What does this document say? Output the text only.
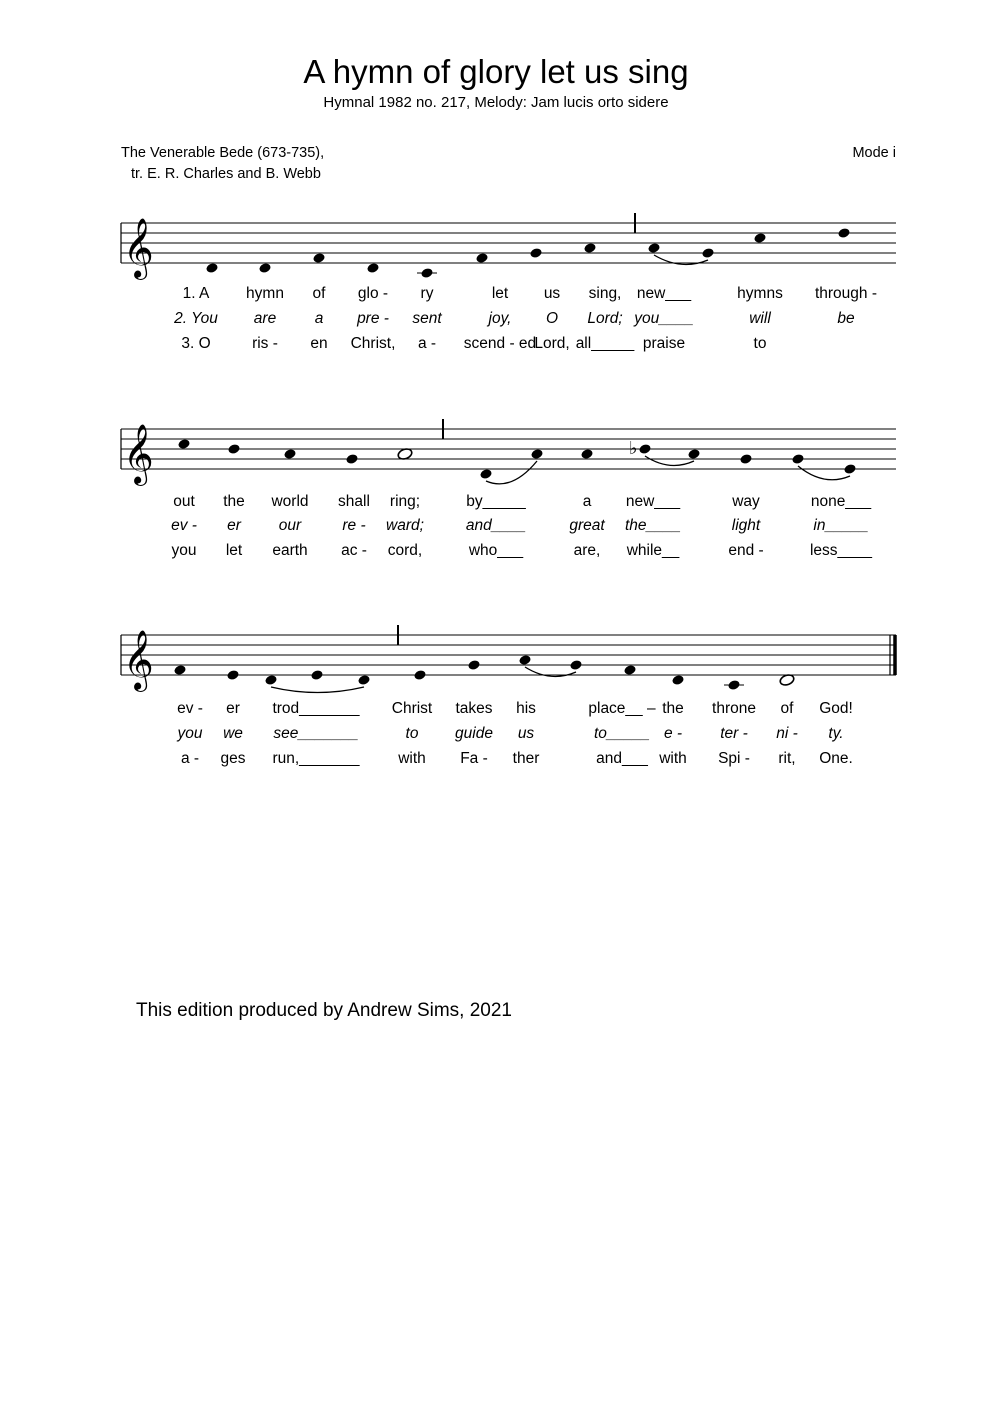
A hymn of glory let us sing
Hymnal 1982 no. 217, Melody: Jam lucis orto sidere
The Venerable Bede (673-735),
tr. E. R. Charles and B. Webb
Mode i
𝄞
1. A hymn of glo - ry	let us sing, new___	hymns through -
2. You are a pre - sent	joy, O Lord; you____	will	be
3. O	ris - en Christ, a - scend - ed
Lord, all_____ praise	to
𝄞	♭
out the world shall ring;	by_____	a new___	way	none___
ev - er our	re - ward;	and____	great the____	light	in_____
you let earth ac - cord,	who___	are, while__	end -	less____
𝄞
ev - er trod_______ Christ takes his	place__ – the throne of God!
you we see_______	to guide us	to_____ e - ter - ni - ty.
a - ges run,_______ with Fa - ther	and___ with Spi - rit, One.
This edition produced by Andrew Sims, 2021
